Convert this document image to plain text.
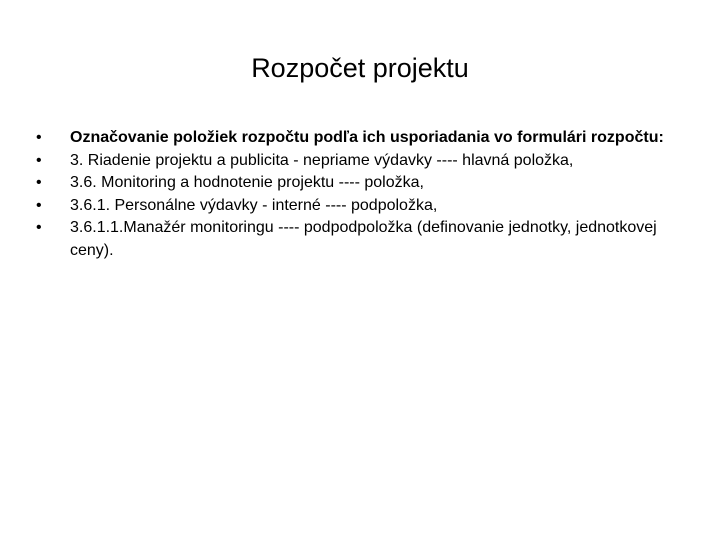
Rozpočet projektu
•	Označovanie položiek rozpočtu podľa ich usporiadania vo formulári rozpočtu:
•	3. Riadenie projektu a publicita - nepriame výdavky ---- hlavná položka,
•	3.6. Monitoring a hodnotenie projektu ---- položka,
•	3.6.1. Personálne výdavky - interné ---- podpoložka,
•	3.6.1.1.Manažér monitoringu ---- podpodpoložka (definovanie jednotky, jednotkovej ceny).
